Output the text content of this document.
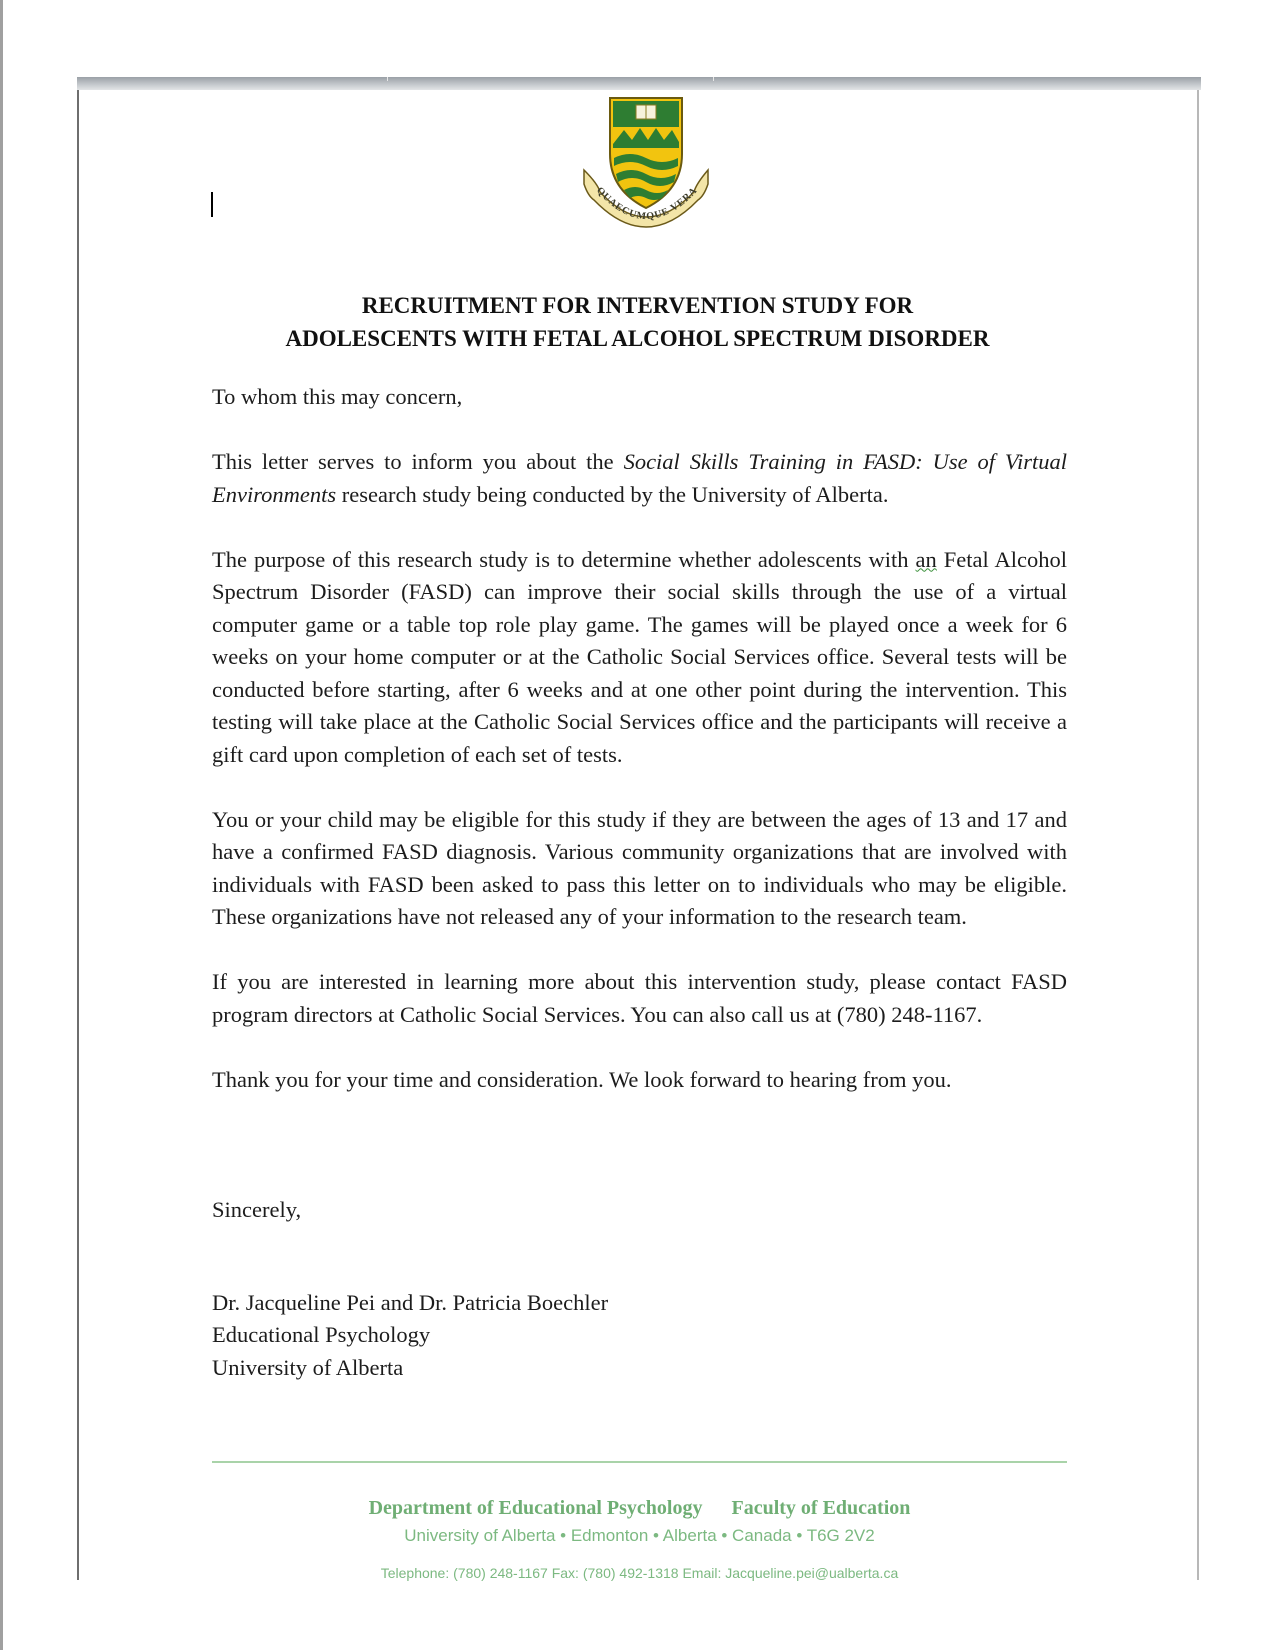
QUAECUMQUE VERA
RECRUITMENT FOR INTERVENTION STUDY FOR
ADOLESCENTS WITH FETAL ALCOHOL SPECTRUM DISORDER

To whom this may concern,

This letter serves to inform you about the Social Skills Training in FASD: Use of Virtual Environments research study being conducted by the University of Alberta.

The purpose of this research study is to determine whether adolescents with an Fetal Alcohol Spectrum Disorder (FASD) can improve their social skills through the use of a virtual computer game or a table top role play game. The games will be played once a week for 6 weeks on your home computer or at the Catholic Social Services office. Several tests will be conducted before starting, after 6 weeks and at one other point during the intervention. This testing will take place at the Catholic Social Services office and the participants will receive a gift card upon completion of each set of tests.

You or your child may be eligible for this study if they are between the ages of 13 and 17 and have a confirmed FASD diagnosis. Various community organizations that are involved with individuals with FASD been asked to pass this letter on to individuals who may be eligible. These organizations have not released any of your information to the research team.

If you are interested in learning more about this intervention study, please contact FASD program directors at Catholic Social Services. You can also call us at (780) 248-1167.

Thank you for your time and consideration. We look forward to hearing from you.

Sincerely,

Dr. Jacqueline Pei and Dr. Patricia Boechler

Educational Psychology

University of Alberta

Department of Educational Psychology Faculty of Education
University of Alberta • Edmonton • Alberta • Canada • T6G 2V2
Telephone: (780) 248-1167 Fax: (780) 492-1318 Email: Jacqueline.pei@ualberta.ca
